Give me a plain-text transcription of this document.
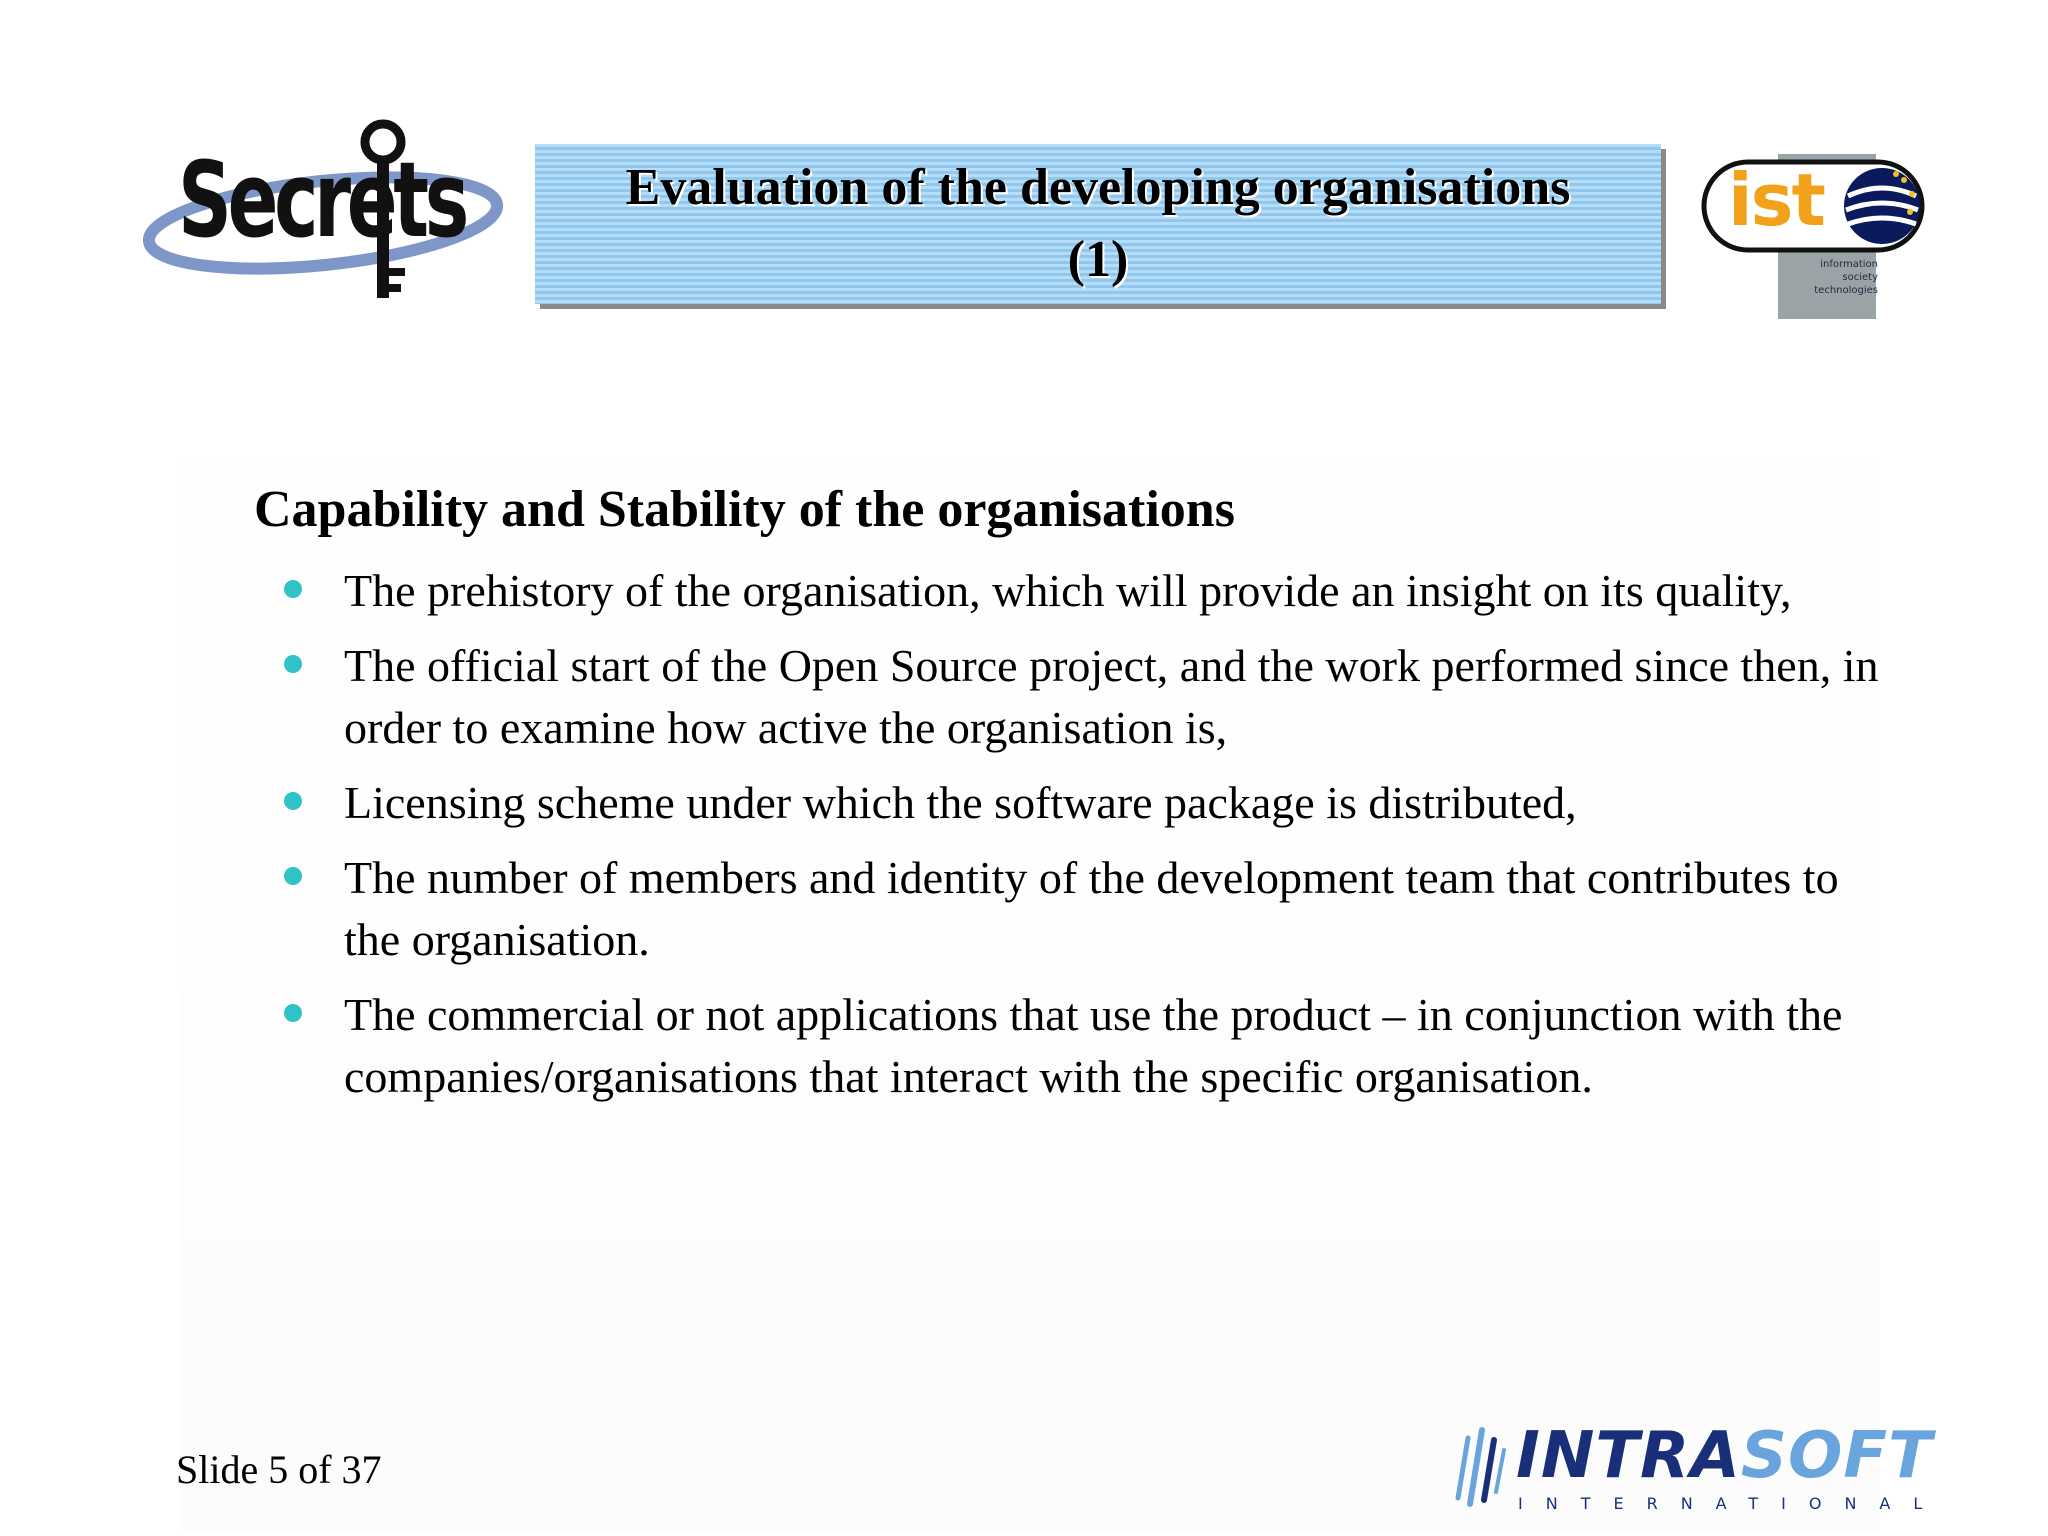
Secrets	Evaluation of the developing organisations
(1)
ist
information
society
technologies
Capability and Stability of the organisations
The prehistory of the organisation, which will provide an insight on its quality,
The official start of the Open Source project, and the work performed since then, in order to examine how active the organisation is,
Licensing scheme under which the software package is distributed,
The number of members and identity of the development team that contributes to the organisation.
The commercial or not applications that use the product – in conjunction with the companies/organisations that interact with the specific organisation.
Slide 5 of 37	INTRASOFT
INTERNATIONAL
